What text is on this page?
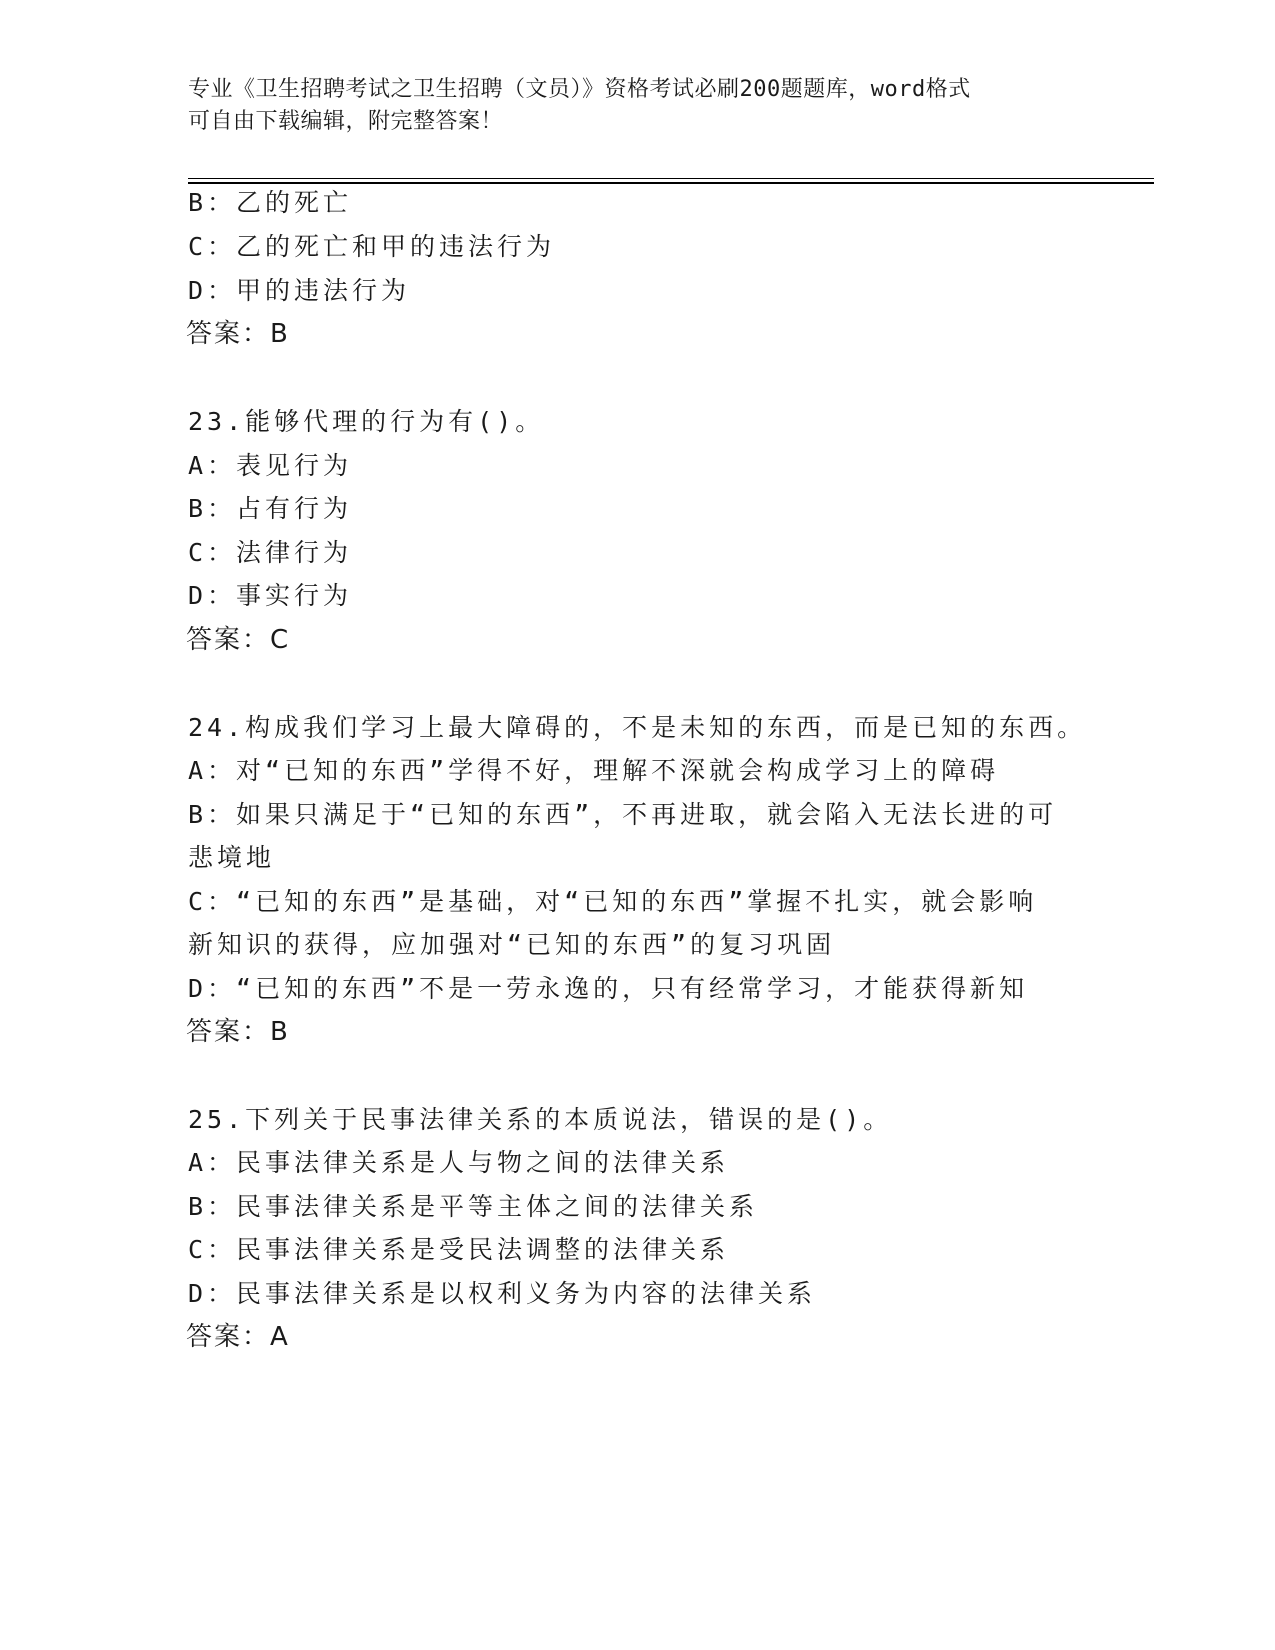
专业《卫生招聘考试之卫生招聘（文员）》资格考试必刷200题题库，word格式
可自由下载编辑，附完整答案！
B：乙的死亡
C：乙的死亡和甲的违法行为
D：甲的违法行为
答案：B
23.能够代理的行为有()。
A：表见行为
B：占有行为
C：法律行为
D：事实行为
答案：C
24.构成我们学习上最大障碍的，不是未知的东西，而是已知的东西。
A：对“已知的东西”学得不好，理解不深就会构成学习上的障碍
B：如果只满足于“已知的东西”，不再进取，就会陷入无法长进的可
悲境地
C：“已知的东西”是基础，对“已知的东西”掌握不扎实，就会影响
新知识的获得，应加强对“已知的东西”的复习巩固
D：“已知的东西”不是一劳永逸的，只有经常学习，才能获得新知
答案：B
25.下列关于民事法律关系的本质说法，错误的是()。
A：民事法律关系是人与物之间的法律关系
B：民事法律关系是平等主体之间的法律关系
C：民事法律关系是受民法调整的法律关系
D：民事法律关系是以权利义务为内容的法律关系
答案：A
